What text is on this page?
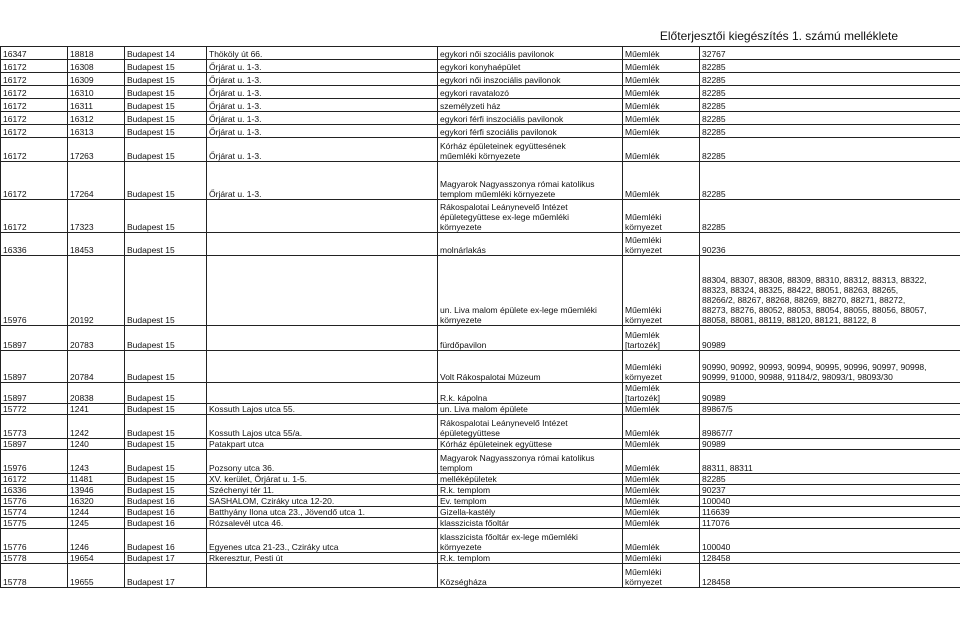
Előterjesztői kiegészítés 1. számú melléklete
16347	18818	Budapest 14	Thököly út 66.	egykori női szociális pavilonok	Műemlék	32767
16172	16308	Budapest 15	Őrjárat u. 1-3.	egykori konyhaépület	Műemlék	82285
16172	16309	Budapest 15	Őrjárat u. 1-3.	egykori női inszociális pavilonok	Műemlék	82285
16172	16310	Budapest 15	Őrjárat u. 1-3.	egykori ravatalozó	Műemlék	82285
16172	16311	Budapest 15	Őrjárat u. 1-3.	személyzeti ház	Műemlék	82285
16172	16312	Budapest 15	Őrjárat u. 1-3.	egykori férfi inszociális pavilonok	Műemlék	82285
16172	16313	Budapest 15	Őrjárat u. 1-3.	egykori férfi szociális pavilonok	Műemlék	82285
16172	17263	Budapest 15	Őrjárat u. 1-3.	Kórház épületeinek együttesének
műemléki környezete	Műemlék	82285
16172	17264	Budapest 15	Őrjárat u. 1-3.	Magyarok Nagyasszonya római katolikus
templom műemléki környezete	Műemlék	82285
16172	17323	Budapest 15		Rákospalotai Leánynevelő Intézet
épületegyüttese ex-lege műemléki
környezete	Műemléki
környezet	82285
16336	18453	Budapest 15		molnárlakás	Műemléki
környezet	90236
15976	20192	Budapest 15		un. Liva malom épülete ex-lege műemléki
környezete	Műemléki
környezet	88304, 88307, 88308, 88309, 88310, 88312, 88313, 88322,
88323, 88324, 88325, 88422, 88051, 88263, 88265,
88266/2, 88267, 88268, 88269, 88270, 88271, 88272,
88273, 88276, 88052, 88053, 88054, 88055, 88056, 88057,
88058, 88081, 88119, 88120, 88121, 88122, 8
15897	20783	Budapest 15		fürdőpavilon	Műemlék
[tartozék]	90989
15897	20784	Budapest 15		Volt Rákospalotai Múzeum	Műemléki
környezet	90990, 90992, 90993, 90994, 90995, 90996, 90997, 90998,
90999, 91000, 90988, 91184/2, 98093/1, 98093/30
15897	20838	Budapest 15		R.k. kápolna	Műemlék
[tartozék]	90989
15772	1241	Budapest 15	Kossuth Lajos utca 55.	un. Liva malom épülete	Műemlék	89867/5
15773	1242	Budapest 15	Kossuth Lajos utca 55/a.	Rákospalotai Leánynevelő Intézet
épületegyüttese	Műemlék	89867/7
15897	1240	Budapest 15	Patakpart utca	Kórház épületeinek együttese	Műemlék	90989
15976	1243	Budapest 15	Pozsony utca 36.	Magyarok Nagyasszonya római katolikus
templom	Műemlék	88311, 88311
16172	11481	Budapest 15	XV. kerület, Őrjárat u. 1-5.	melléképületek	Műemlék	82285
16336	13946	Budapest 15	Széchenyi tér 11.	R.k. templom	Műemlék	90237
15776	16320	Budapest 16	SASHALOM, Cziráky utca 12-20.	Ev. templom	Műemlék	100040
15774	1244	Budapest 16	Batthyány Ilona utca 23., Jövendő utca 1.	Gizella-kastély	Műemlék	116639
15775	1245	Budapest 16	Rózsalevél utca 46.	klasszicista főoltár	Műemlék	117076
15776	1246	Budapest 16	Egyenes utca 21-23., Cziráky utca	klasszicista főoltár ex-lege műemléki
környezete	Műemlék	100040
15778	19654	Budapest 17	Rkeresztur, Pesti út	R.k. templom	Műemléki	128458
15778	19655	Budapest 17		Községháza	Műemléki
környezet	128458
